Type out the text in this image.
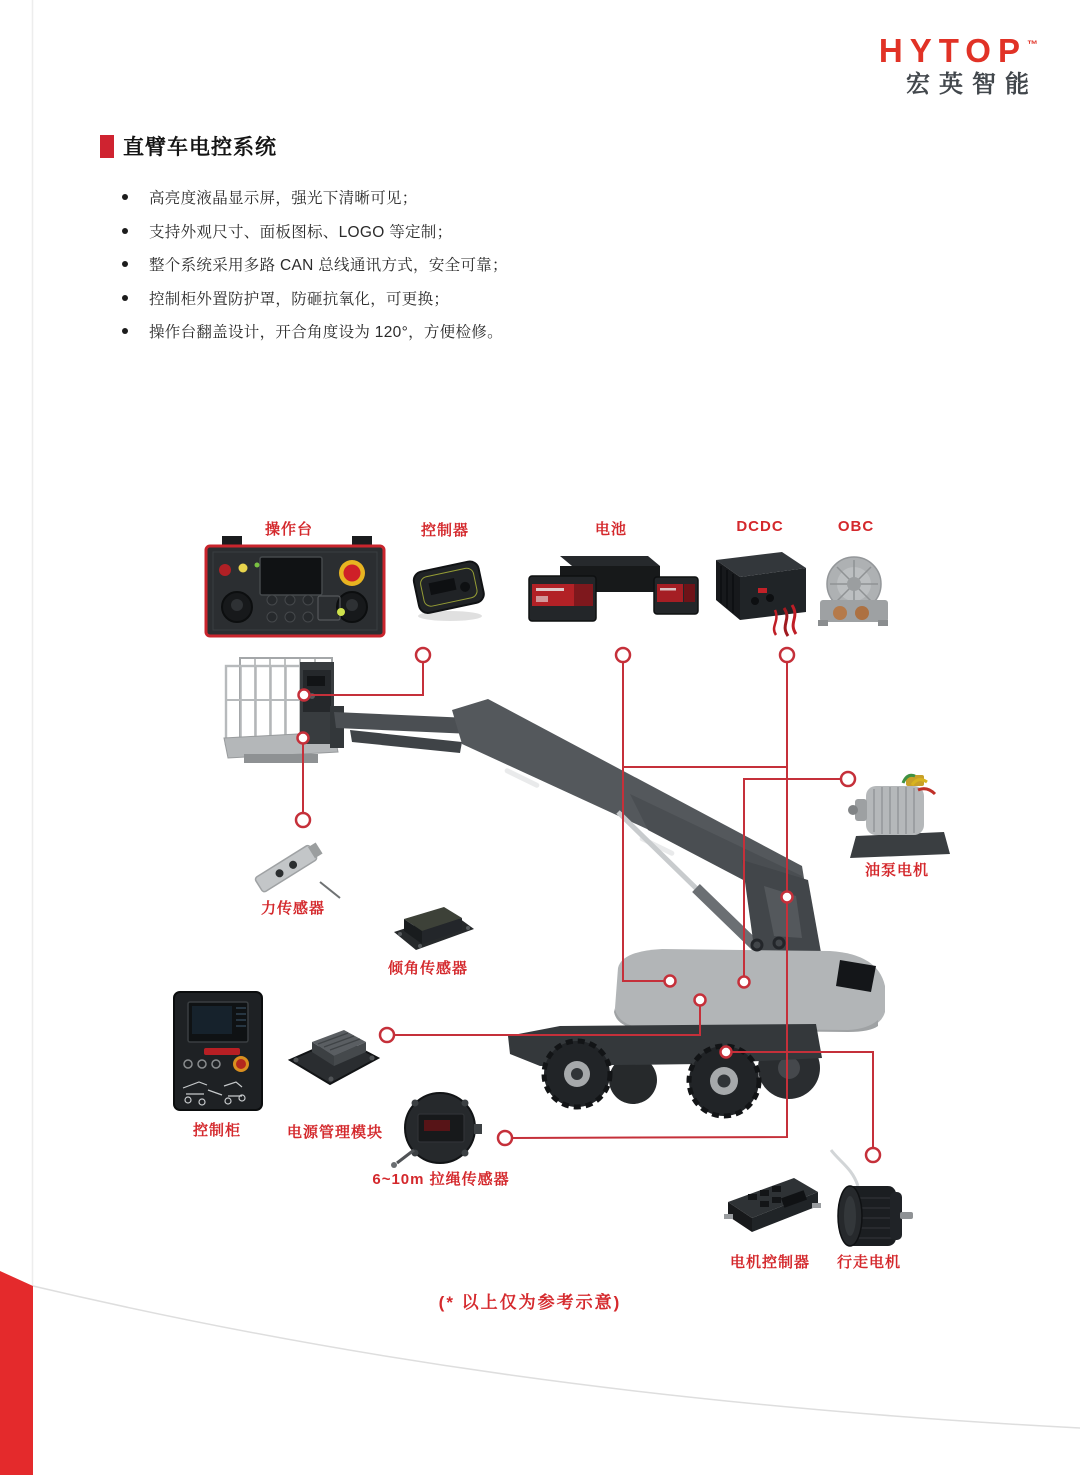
HYTOP™
宏英智能
直臂车电控系统
高亮度液晶显示屏，强光下清晰可见；
支持外观尺寸、面板图标、LOGO 等定制；
整个系统采用多路 CAN 总线通讯方式，安全可靠；
控制柜外置防护罩，防砸抗氧化，可更换；
操作台翻盖设计，开合角度设为 120°，方便检修。
操作台	控制器	电池	DCDC	OBC
力传感器
倾角传感器
油泵电机
控制柜	电源管理模块
6~10m 拉绳传感器
电机控制器 行走电机
(* 以上仅为参考示意)
